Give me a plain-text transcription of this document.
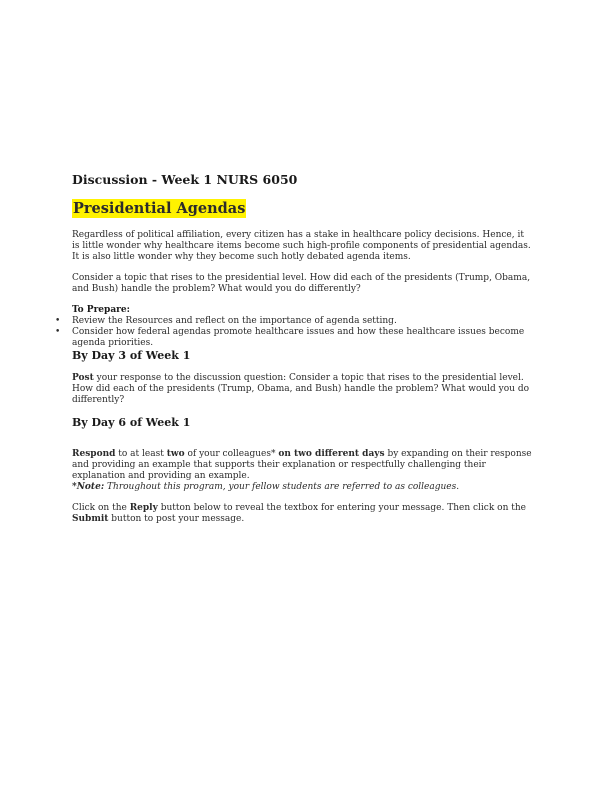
Discussion - Week 1 NURS 6050
Presidential Agendas

Regardless of political affiliation, every citizen has a stake in healthcare policy decisions. Hence, it is little wonder why healthcare items become such high-profile components of presidential agendas. It is also little wonder why they become such hotly debated agenda items.

Consider a topic that rises to the presidential level. How did each of the presidents (Trump, Obama, and Bush) handle the problem? What would you do differently?

To Prepare:
• Review the Resources and reflect on the importance of agenda setting.
• Consider how federal agendas promote healthcare issues and how these healthcare issues become agenda priorities.
By Day 3 of Week 1

Post your response to the discussion question: Consider a topic that rises to the presidential level. How did each of the presidents (Trump, Obama, and Bush) handle the problem? What would you do differently?

By Day 6 of Week 1

Respond to at least two of your colleagues* on two different days by expanding on their response and providing an example that supports their explanation or respectfully challenging their explanation and providing an example.
*Note: Throughout this program, your fellow students are referred to as colleagues.

Click on the Reply button below to reveal the textbox for entering your message. Then click on the Submit button to post your message.
